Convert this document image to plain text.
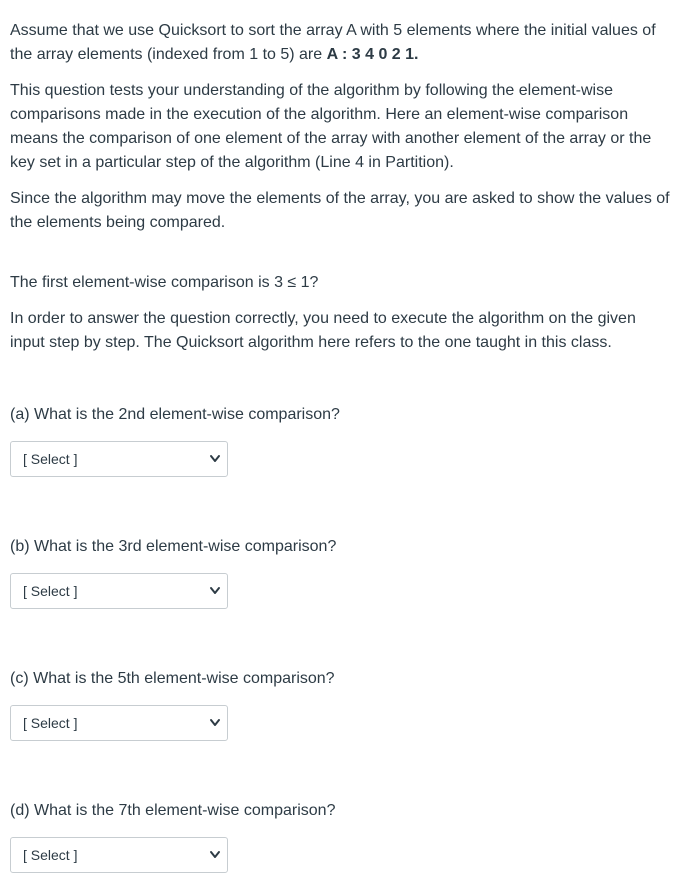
Assume that we use Quicksort to sort the array A with 5 elements where the initial values of the array elements (indexed from 1 to 5) are A : 3 4 0 2 1.

This question tests your understanding of the algorithm by following the element-wise comparisons made in the execution of the algorithm. Here an element-wise comparison means the comparison of one element of the array with another element of the array or the key set in a particular step of the algorithm (Line 4 in Partition).

Since the algorithm may move the elements of the array, you are asked to show the values of the elements being compared.

The first element-wise comparison is 3 ≤ 1?

In order to answer the question correctly, you need to execute the algorithm on the given input step by step. The Quicksort algorithm here refers to the one taught in this class.

(a) What is the 2nd element-wise comparison?

[ Select ]

(b) What is the 3rd element-wise comparison?

[ Select ]

(c) What is the 5th element-wise comparison?

[ Select ]

(d) What is the 7th element-wise comparison?

[ Select ]
